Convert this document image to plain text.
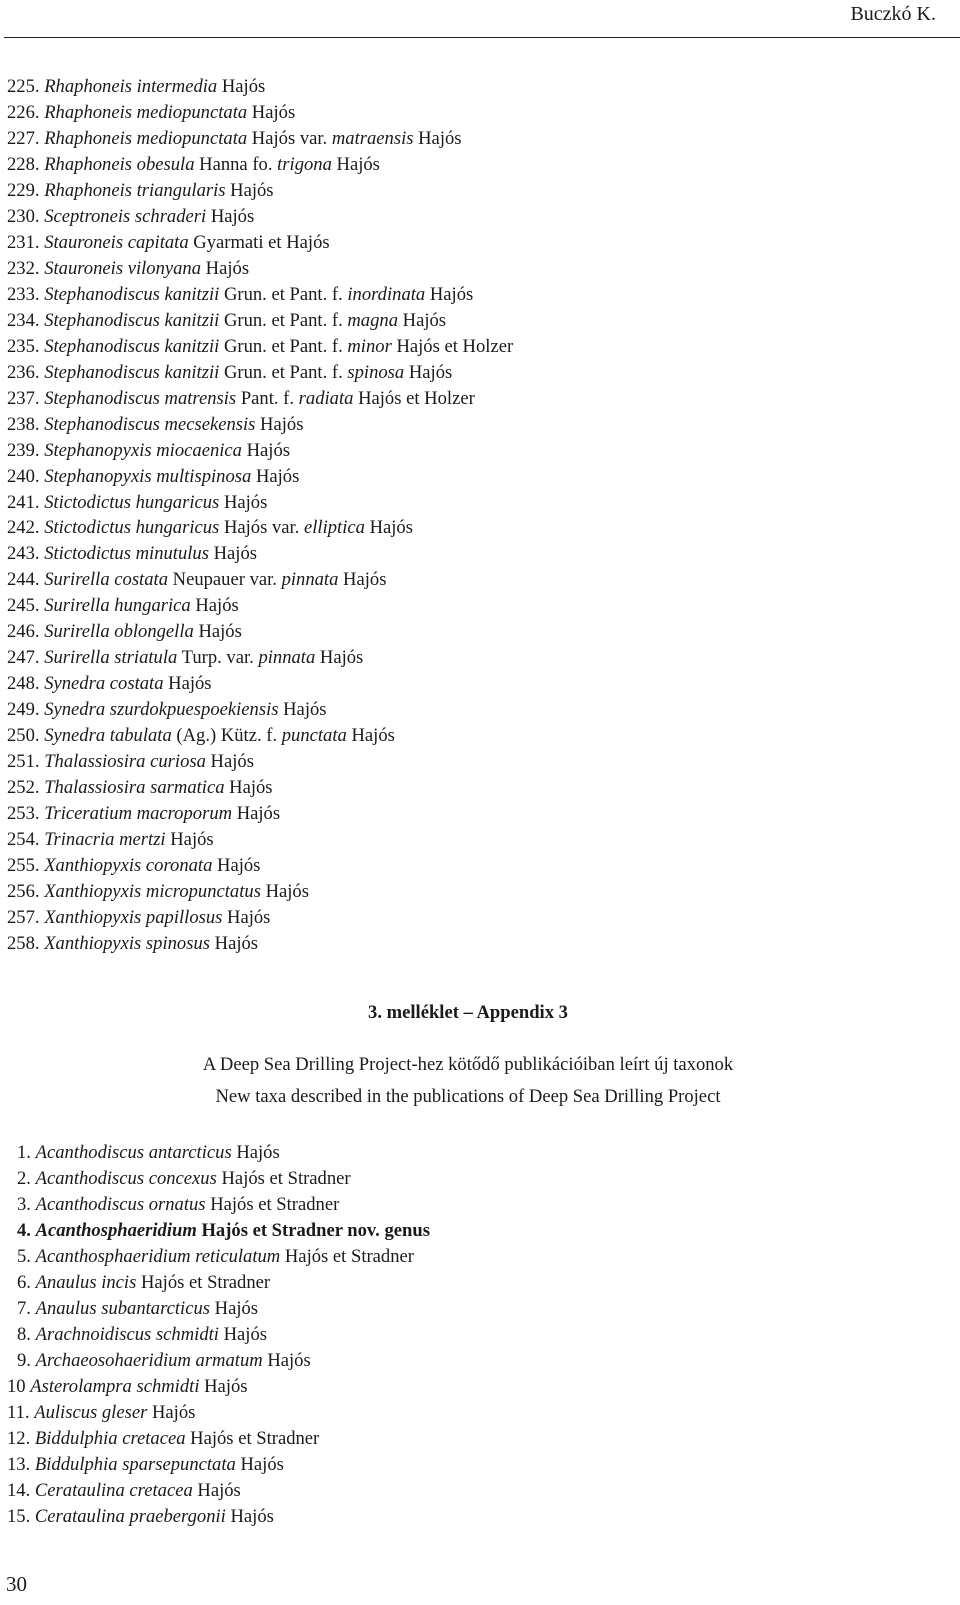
Buczkó K.
225. Rhaphoneis intermedia Hajós
226. Rhaphoneis mediopunctata Hajós
227. Rhaphoneis mediopunctata Hajós var. matraensis Hajós
228. Rhaphoneis obesula Hanna fo. trigona Hajós
229. Rhaphoneis triangularis Hajós
230. Sceptroneis schraderi Hajós
231. Stauroneis capitata Gyarmati et Hajós
232. Stauroneis vilonyana Hajós
233. Stephanodiscus kanitzii Grun. et Pant. f. inordinata Hajós
234. Stephanodiscus kanitzii Grun. et Pant. f. magna Hajós
235. Stephanodiscus kanitzii Grun. et Pant. f. minor Hajós et Holzer
236. Stephanodiscus kanitzii Grun. et Pant. f. spinosa Hajós
237. Stephanodiscus matrensis Pant. f. radiata Hajós et Holzer
238. Stephanodiscus mecsekensis Hajós
239. Stephanopyxis miocaenica Hajós
240. Stephanopyxis multispinosa Hajós
241. Stictodictus hungaricus Hajós
242. Stictodictus hungaricus Hajós var. elliptica Hajós
243. Stictodictus minutulus Hajós
244. Surirella costata Neupauer var. pinnata Hajós
245. Surirella hungarica Hajós
246. Surirella oblongella Hajós
247. Surirella striatula Turp. var. pinnata Hajós
248. Synedra costata Hajós
249. Synedra szurdokpuespoekiensis Hajós
250. Synedra tabulata (Ag.) Kütz. f. punctata Hajós
251. Thalassiosira curiosa Hajós
252. Thalassiosira sarmatica Hajós
253. Triceratium macroporum Hajós
254. Trinacria mertzi Hajós
255. Xanthiopyxis coronata Hajós
256. Xanthiopyxis micropunctatus Hajós
257. Xanthiopyxis papillosus Hajós
258. Xanthiopyxis spinosus Hajós
3. melléklet – Appendix 3
A Deep Sea Drilling Project-hez kötődő publikációiban leírt új taxonok
New taxa described in the publications of Deep Sea Drilling Project
1. Acanthodiscus antarcticus Hajós
2. Acanthodiscus concexus Hajós et Stradner
3. Acanthodiscus ornatus Hajós et Stradner
4. Acanthosphaeridium Hajós et Stradner nov. genus
5. Acanthosphaeridium reticulatum Hajós et Stradner
6. Anaulus incis Hajós et Stradner
7. Anaulus subantarcticus Hajós
8. Arachnoidiscus schmidti Hajós
9. Archaeosohaeridium armatum Hajós
10 Asterolampra schmidti Hajós
11. Auliscus gleser Hajós
12. Biddulphia cretacea Hajós et Stradner
13. Biddulphia sparsepunctata Hajós
14. Cerataulina cretacea Hajós
15. Cerataulina praebergonii Hajós
30
